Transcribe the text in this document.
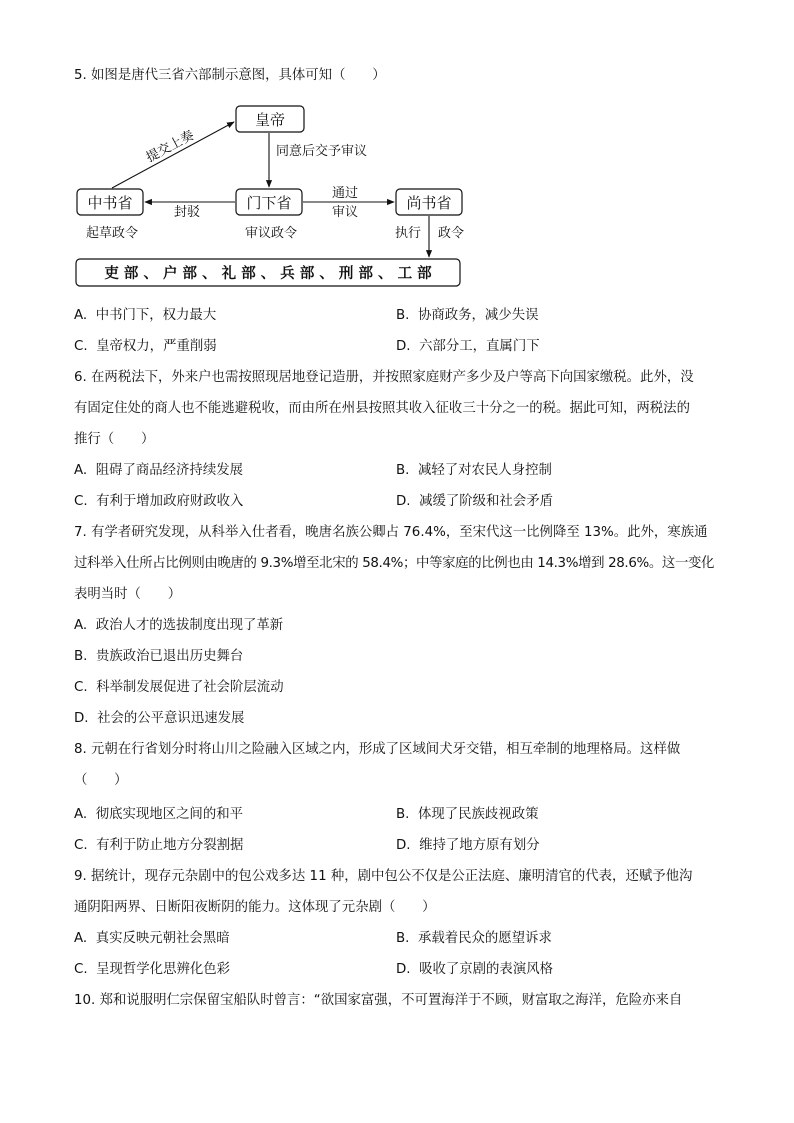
皇帝
中书省	门下省	尚书省
吏 部 、 户 部 、 礼 部 、 兵 部 、 刑 部 、 工 部
提交上奏	同意后交予审议
封驳
通过
审议
起草政令	审议政令	执行 政令
5. 如图是唐代三省六部制示意图，具体可知（　　）
A. 中书门下，权力最大	B. 协商政务，减少失误
C. 皇帝权力，严重削弱	D. 六部分工，直属门下
6. 在两税法下，外来户也需按照现居地登记造册，并按照家庭财产多少及户等高下向国家缴税。此外，没
有固定住处的商人也不能逃避税收，而由所在州县按照其收入征收三十分之一的税。据此可知，两税法的
推行（　　）
A. 阻碍了商品经济持续发展	B. 减轻了对农民人身控制
C. 有利于增加政府财政收入	D. 减缓了阶级和社会矛盾
7. 有学者研究发现，从科举入仕者看，晚唐名族公卿占 76.4%，至宋代这一比例降至 13%。此外，寒族通
过科举入仕所占比例则由晚唐的 9.3%增至北宋的 58.4%；中等家庭的比例也由 14.3%增到 28.6%。这一变化
表明当时（　　）
A. 政治人才的选拔制度出现了革新
B. 贵族政治已退出历史舞台
C. 科举制发展促进了社会阶层流动
D. 社会的公平意识迅速发展
8. 元朝在行省划分时将山川之险融入区域之内，形成了区域间犬牙交错，相互牵制的地理格局。这样做
（　　）
A. 彻底实现地区之间的和平	B. 体现了民族歧视政策
C. 有利于防止地方分裂割据	D. 维持了地方原有划分
9. 据统计，现存元杂剧中的包公戏多达 11 种，剧中包公不仅是公正法庭、廉明清官的代表，还赋予他沟
通阴阳两界、日断阳夜断阴的能力。这体现了元杂剧（　　）
A. 真实反映元朝社会黑暗	B. 承载着民众的愿望诉求
C. 呈现哲学化思辨化色彩	D. 吸收了京剧的表演风格
10. 郑和说服明仁宗保留宝船队时曾言：“欲国家富强，不可置海洋于不顾，财富取之海洋，危险亦来自
